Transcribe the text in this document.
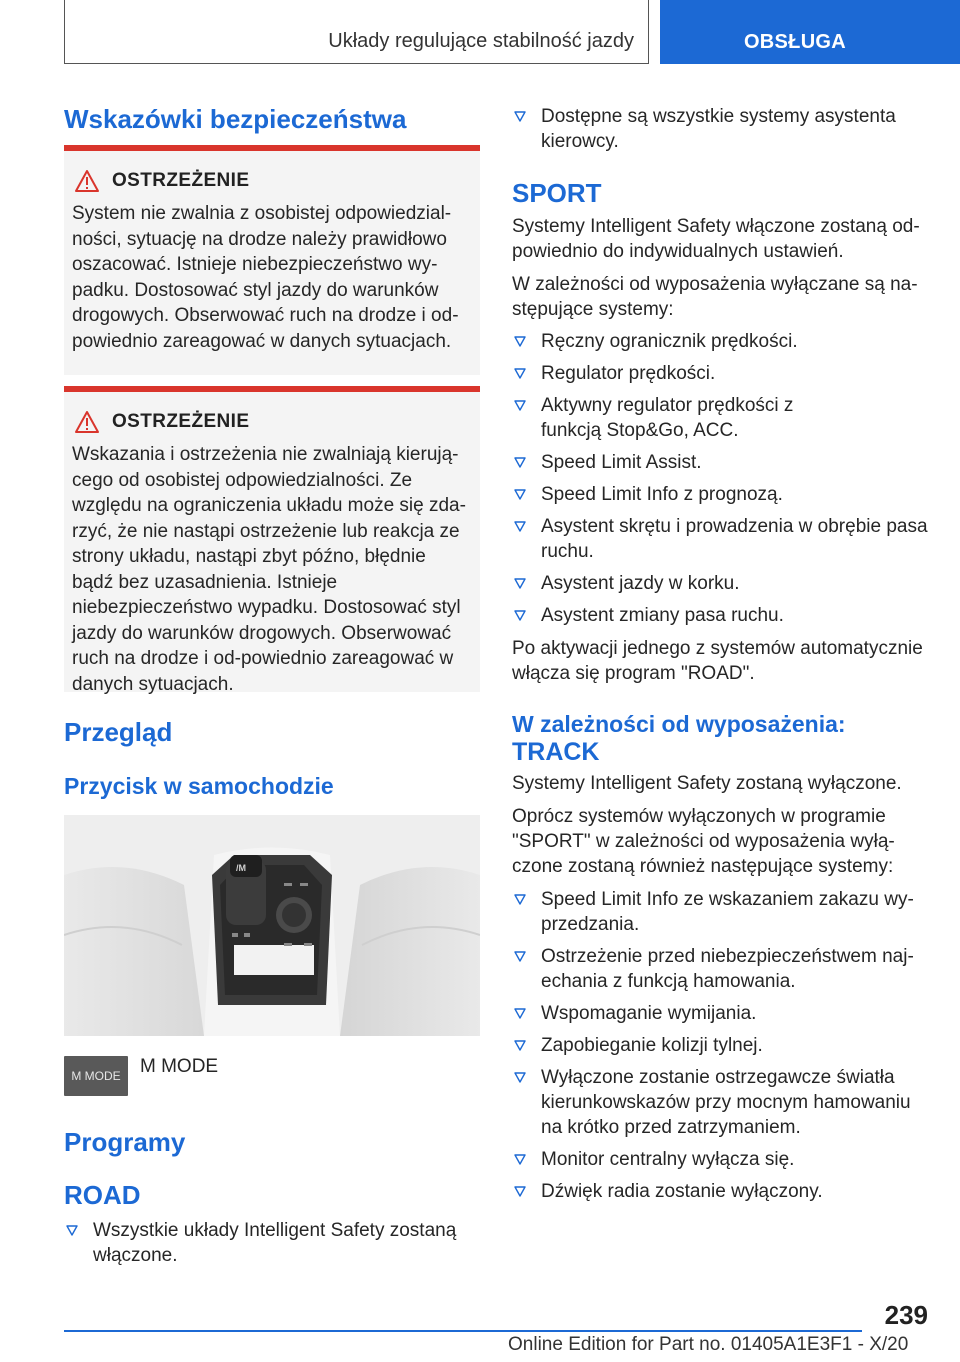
Układy regulujące stabilność jazdy	OBSŁUGA
Wskazówki bezpieczeństwa
OSTRZEŻENIE
System nie zwalnia z osobistej odpowiedzial-ności, sytuację na drodze należy prawidłowo oszacować. Istnieje niebezpieczeństwo wy-padku. Dostosować styl jazdy do warunków drogowych. Obserwować ruch na drodze i od-powiednio zareagować w danych sytuacjach.
OSTRZEŻENIE
Wskazania i ostrzeżenia nie zwalniają kierują-cego od osobistej odpowiedzialności. Ze względu na ograniczenia układu może się zda-rzyć, że nie nastąpi ostrzeżenie lub reakcja ze strony układu, nastąpi zbyt późno, błędnie bądź bez uzasadnienia. Istnieje niebezpieczeństwo wypadku. Dostosować styl jazdy do warunków drogowych. Obserwować ruch na drodze i od-powiednio zareagować w danych sytuacjach.
Przegląd
Przycisk w samochodzie
/M
M MODE	M MODE
Programy
ROAD
Wszystkie układy Intelligent Safety zostaną włączone.
Dostępne są wszystkie systemy asystenta kierowcy.
SPORT
Systemy Intelligent Safety włączone zostaną od-powiednio do indywidualnych ustawień.
W zależności od wyposażenia wyłączane są na-stępujące systemy:
Ręczny ogranicznik prędkości.
Regulator prędkości.
Aktywny regulator prędkości z funkcją Stop&Go, ACC.
Speed Limit Assist.
Speed Limit Info z prognozą.
Asystent skrętu i prowadzenia w obrębie pasa ruchu.
Asystent jazdy w korku.
Asystent zmiany pasa ruchu.
Po aktywacji jednego z systemów automatycznie włącza się program "ROAD".
W zależności od wyposażenia:
TRACK
Systemy Intelligent Safety zostaną wyłączone.
Oprócz systemów wyłączonych w programie "SPORT" w zależności od wyposażenia wyłą-czone zostaną również następujące systemy:
Speed Limit Info ze wskazaniem zakazu wy-przedzania.
Ostrzeżenie przed niebezpieczeństwem naj-echania z funkcją hamowania.
Wspomaganie wymijania.
Zapobieganie kolizji tylnej.
Wyłączone zostanie ostrzegawcze światła kierunkowskazów przy mocnym hamowaniu na krótko przed zatrzymaniem.
Monitor centralny wyłącza się.
Dźwięk radia zostanie wyłączony.
239
Online Edition for Part no. 01405A1E3F1 - X/20
